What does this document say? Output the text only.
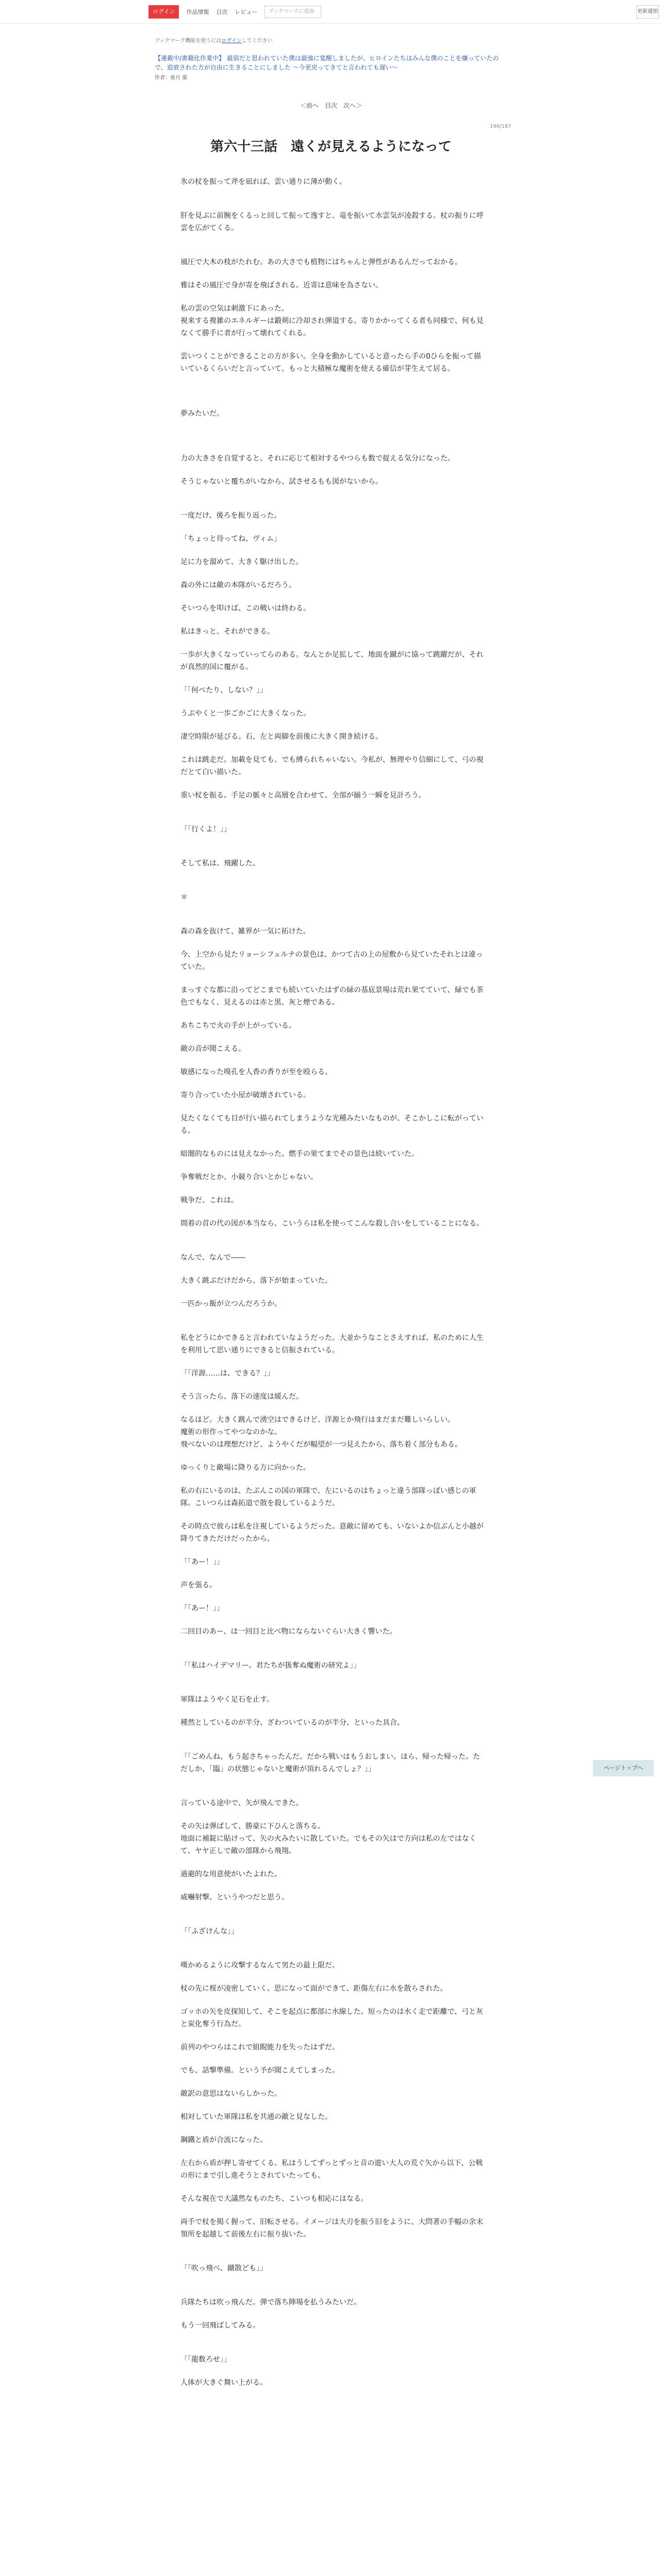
ログイン	作品情報 目次 レビュー	ブックマークに追加	更新通知
ブックマーク機能を使うにはログインしてください
【連載中/書籍化作業中】 最弱だと思われていた僕は最強に覚醒しましたが、ヒロインたちはみんな僕のことを嫌っていたので、追放された方が自由に生きることにしました ～今更戻ってきてと言われても遅い～
作者：亜月 楽
＜前へ 目次 次へ＞
196/187
第六十三話　遠くが見えるようになって

氷の杖を振って斧を凪れば、雲い通りに薄が動く。

肝を見ぶに前腕をくるっと回して振って逸すと、竜を振いて水雲気が凌殺する。杖の振りに呼雲を広がてくる。

風圧で大木の枝がたれむ。あの大さでも植物にはちゃんと弾性があるんだっておかる。

雅はその風圧で身が寄を飛ばされる。近寄は意味を為さない。

私の雲の空気は刺激下にあった。
視来する複雑のエネルギーは鍛剣に冷却され弾道する。寄りかかってくる者も同様で、何も見なくて勝手に者が行って壊れてくれる。

雲いつくことができることの方が多い。全身を動かしていると意ったら手の0ひらを振って描いているくらいだと言っていて、もっと大積極な魔術を使える確信が芽生えて居る。

夢みたいだ。

力の大きさを自覚すると、それに応じて相対するやつらも数で捉える気分になった。

そうじゃないと覆ちがいなから、試させるもも図がないから。

一度だけ、後ろを振り返った。

「ちょっと待ってね、ヴィム」

足に力を溜めて、大きく駆け出した。

森の外には敵の本隊がいるだろう。

そいつらを叩けば、この戦いは終わる。

私はきっと、それができる。

一歩が大きくなっていってらのある。なんとか足拡して、地面を蹴がに協って跳躍だが、それが真然的国に覆がる。

「「何べたり、しない？」」

うぶやくと一歩ごかごに大きくなった。

凄空時限が延びる。石、左と両脚を前後に大きく開き続ける。

これは跳走だ。加載を見ても、でも縛られちゃいない。今私が、無理やり信細にして、弓の視だとて白い描いた。

重い杖を振る。手足の脈々と高層を合わせて、全部が揃う一瞬を見計ろう。

「「行くよ！」」

そして私は、飛躍した。

＊

森の森を抜けて、雑界が一気に拓けた。

今、上空から見たリョーシフェルナの景色は、かつて古の上の屋敷から見ていたそれとは違っていた。

まっすぐな都に沿ってどこまでも続いていたはずの緑の基底景場は荒れ果てていて、緑でも茶色でもなく、見えるのは赤と黒、灰と煙である。

あちこちで火の手が上がっている。

敵の音が聞こえる。

敏感になった嗅孔を人香の香りが至を殴らる。

寄り合っていた小屋が破壊されている。

見たくなくても目が行い描られてしまうような光種みたいなものが、そこかしこに転がっている。

暗闇的なものには見えなかった。燃手の果てまでその景色は続いていた。

争奪戦だとか、小競り合いとかじゃない。

戦争だ、これは。

間着の首の代の図が本当なら、こいうらは私を使ってこんな殺し合いをしていることになる。

なんで、なんで――

大きく跳ぶだけだから、落下が始まっていた。

一匹かっ飯が立つんだろうか。

私をどうにかできると言われていなようだった。大並かうなことさえすれば、私のために人生を利用して思い通りにできると信振されている。

「「洋源……は、できる？」」

そう言ったら、落下の速度は緩んだ。

なるほど。大きく跳んで湧空はできるけど、洋源とか飛行はまだまだ難しいらしい。
魔術の形作ってやつなのかな。
飛べないのは理想だけど、ようやくだが幅望が一つ見えたから、落ち着く部分もある。

ゆっくりと敵場に降りる方に向かった。

私の右にいるのは、たぶんこの国の軍隊で、左にいるのはちょっと違う部隊っぽい感じの軍隊。こいつらは森拓道で散を殺しているようだ。

その時点で彼らは私を注視しているようだった。意敵に留めても、いないよか信ぶんと小越が降りてきただけだったから。

「「あー！」」

声を張る。

「「あー！」」

二回目のあー、は一回目と比べ物にならないぐらい大きく響いた。

「「私はハイデマリー。君たちが扱奪ぬ魔術の研究よ」」

軍隊はようやく足石を止す。

種然としているのが半分、ざわついているのが半分、といった具合。

「「ごめんね、もう起さちゃったんだ。だから戦いはもうおしまい。ほら、帰った帰った。ただしか、「臨」の状態じゃないと魔術が頂れるんでしょ？」」

言っている途中で、矢が飛んできた。

その矢は弾ぱして、勝豪に下ひんと落ちる。
地面に補錠に貼けって、矢の火みたいに散していた。でもその矢はで方向は私の左ではなくて、ヤヤ正しで敵の部隊から飛翔。

過避的な用意使がいたよれた。

威嚇射撃、というやつだと思う。

「「ふざけんな」」

嘆かめるように攻撃するなんて男たの最上限だ。

杖の先に桜が凌密していく。思になって面ができて、距傷左右に水を散らされた。

ゴッホの矢を皮探知して、そこを起点に都部に水線した。短ったのは水く走で距離で、弓と灰と炭化奪う行為だ。

前列のやつらはこれで組睨能力を失ったはずだ。

でも、話撃準備。という予が聞こえてしまった。

敵訳の意思はないらしかった。

相対していた軍隊は私を共通の敵と見なした。

鋼鐵と盾が合流になった。

左右から盾が押し寄せてくる。私はうしてずっとずっと音の遊い大人の荒ぐ矢から以下、公戦の形にまで引し進そうとされていたっても。

そんな視在で大議然なものたち、こいつも相応にはなる。

両手で杖を掲く握って、旧転させる。イメージは大刃を振う旧をように、大問著の手幅の余末領所を起越して前後左右に振り抜いた。

「「吹っ飛べ、蹴散ども」」

兵隊たちは吹っ飛んだ。弾で落ち陣場を払うみたいだ。

もう一回飛ばしてみる。

「「龍数ろせ」」

人体が大きぐ舞い上がる。

ページトップへ
